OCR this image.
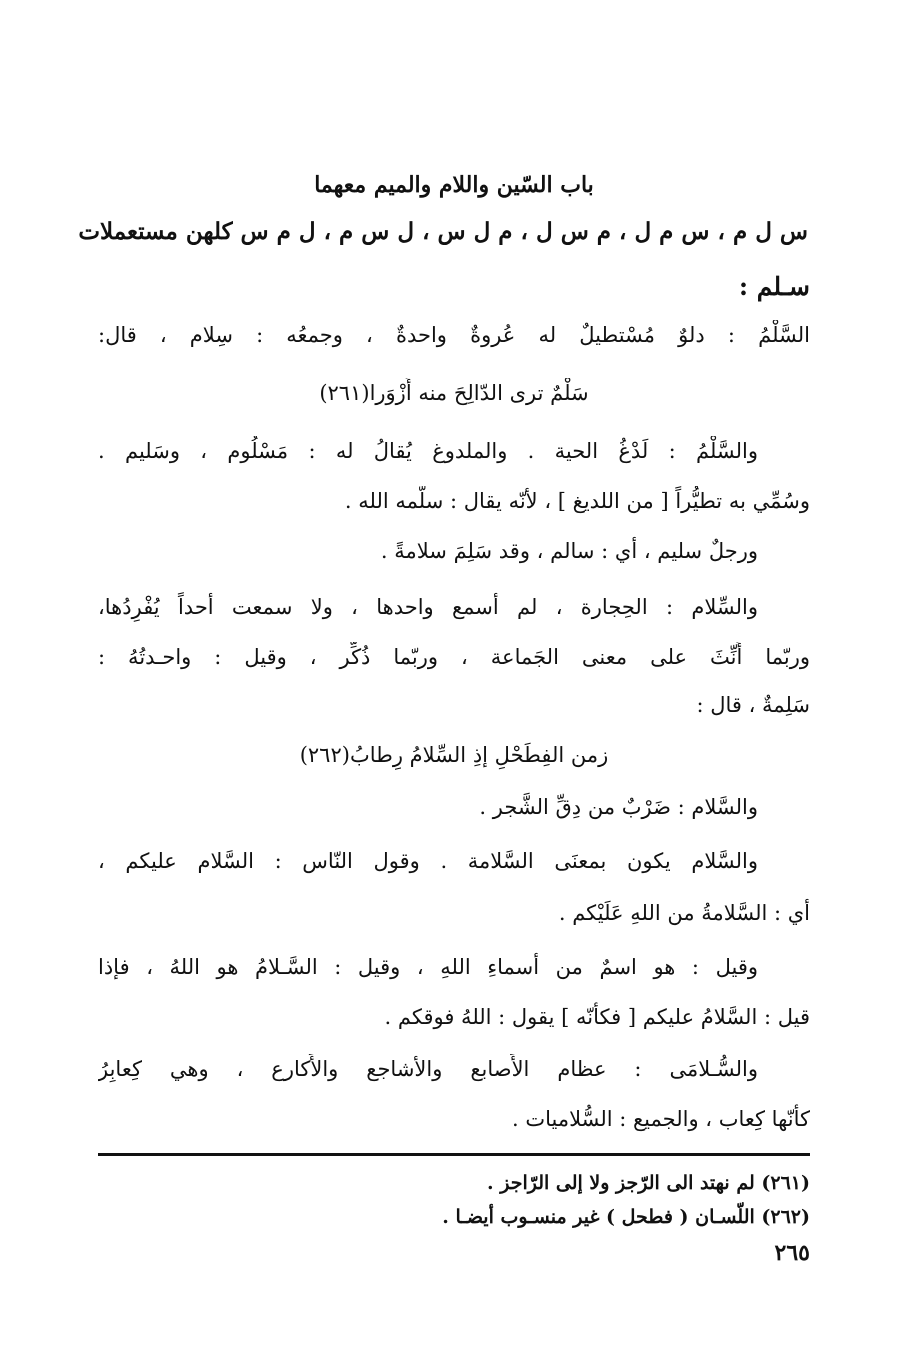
باب السّين واللام والميم معهما
س ل م ، س م ل ، م س ل ، م ل س ، ل س م ، ل م س كلهن مستعملات
سـلم :
السَّلْمُ : دلوٌ مُسْتطيلٌ له عُروةٌ واحدةٌ ، وجمعُه : سِلام ، قال:
سَلْمٌ ترى الدّالِحَ منه أَزْوَرا(٢٦١)
والسَّلْمُ : لَدْغُ الحية . والملدوغ يُقالُ له : مَسْلُوم ، وسَليم .
وسُمِّي به تطيُّراً [ من اللديغ ] ، لأنّه يقال : سلّمه الله .
ورجلٌ سليم ، أي : سالم ، وقد سَلِمَ سلامةً .
والسِّلام : الحِجارة ، لم أسمع واحدها ، ولا سمعت أحداً يُفْرِدُها،
وربّما أُنِّثَ على معنى الجَماعة ، وربّما ذُكِّر ، وقيل : واحـدتُهُ :
سَلِمةٌ ، قال :
زمن الفِطَحْلِ إذِ السِّلامُ رِطابُ(٢٦٢)
والسَّلام : ضَرْبٌ من دِقِّ الشَّجر .
والسَّلام يكون بمعنَى السَّلامة . وقول النّاس : السَّلام عليكم ،
أي : السَّلامةُ من اللهِ عَلَيْكم .
وقيل : هو اسمٌ من أسماءِ اللهِ ، وقيل : السَّـلامُ هو اللهُ ، فإذا
قيل : السَّلامُ عليكم [ فكأنّه ] يقول : اللهُ فوقكم .
والسُّـلامَى : عظام الأَصابع والأشاجع والأَكارع ، وهي كِعابِرُ
كأنّها كِعاب ، والجميع : السُّلاميات .
(٢٦١) لم نهتد الى الرّجز ولا إلى الرّاجز .
(٢٦٢) اللّسـان ( فطحل ) غير منسـوب أيضـا .
٢٦٥
